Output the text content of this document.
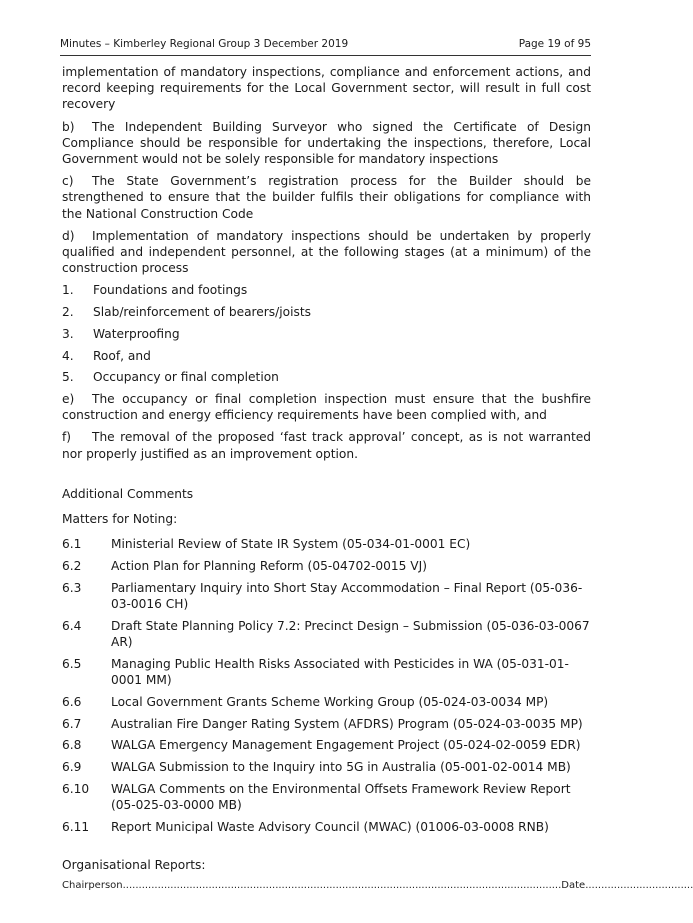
Minutes – Kimberley Regional Group 3 December 2019	Page 19 of 95

implementation of mandatory inspections, compliance and enforcement actions, and record keeping requirements for the Local Government sector, will result in full cost recovery

b) The Independent Building Surveyor who signed the Certificate of Design Compliance should be responsible for undertaking the inspections, therefore, Local Government would not be solely responsible for mandatory inspections

c) The State Government’s registration process for the Builder should be strengthened to ensure that the builder fulfils their obligations for compliance with the National Construction Code

d) Implementation of mandatory inspections should be undertaken by properly qualified and independent personnel, at the following stages (at a minimum) of the construction process

1. Foundations and footings
2. Slab/reinforcement of bearers/joists
3. Waterproofing
4. Roof, and
5. Occupancy or final completion

e) The occupancy or final completion inspection must ensure that the bushfire construction and energy efficiency requirements have been complied with, and

f) The removal of the proposed ‘fast track approval’ concept, as is not warranted nor properly justified as an improvement option.

Additional Comments

Matters for Noting:

6.1	Ministerial Review of State IR System (05-034-01-0001 EC)
6.2	Action Plan for Planning Reform (05-04702-0015 VJ)
6.3	Parliamentary Inquiry into Short Stay Accommodation – Final Report (05-036-03-0016 CH)
6.4	Draft State Planning Policy 7.2: Precinct Design – Submission (05-036-03-0067 AR)
6.5	Managing Public Health Risks Associated with Pesticides in WA (05-031-01-0001 MM)
6.6	Local Government Grants Scheme Working Group (05-024-03-0034 MP)
6.7	Australian Fire Danger Rating System (AFDRS) Program (05-024-03-0035 MP)
6.8	WALGA Emergency Management Engagement Project (05-024-02-0059 EDR)
6.9	WALGA Submission to the Inquiry into 5G in Australia (05-001-02-0014 MB)
6.10	WALGA Comments on the Environmental Offsets Framework Review Report (05-025-03-0000 MB)
6.11	Report Municipal Waste Advisory Council (MWAC) (01006-03-0008 RNB)

Organisational Reports:

Chairperson..........................................................................................................................................Date..................................
